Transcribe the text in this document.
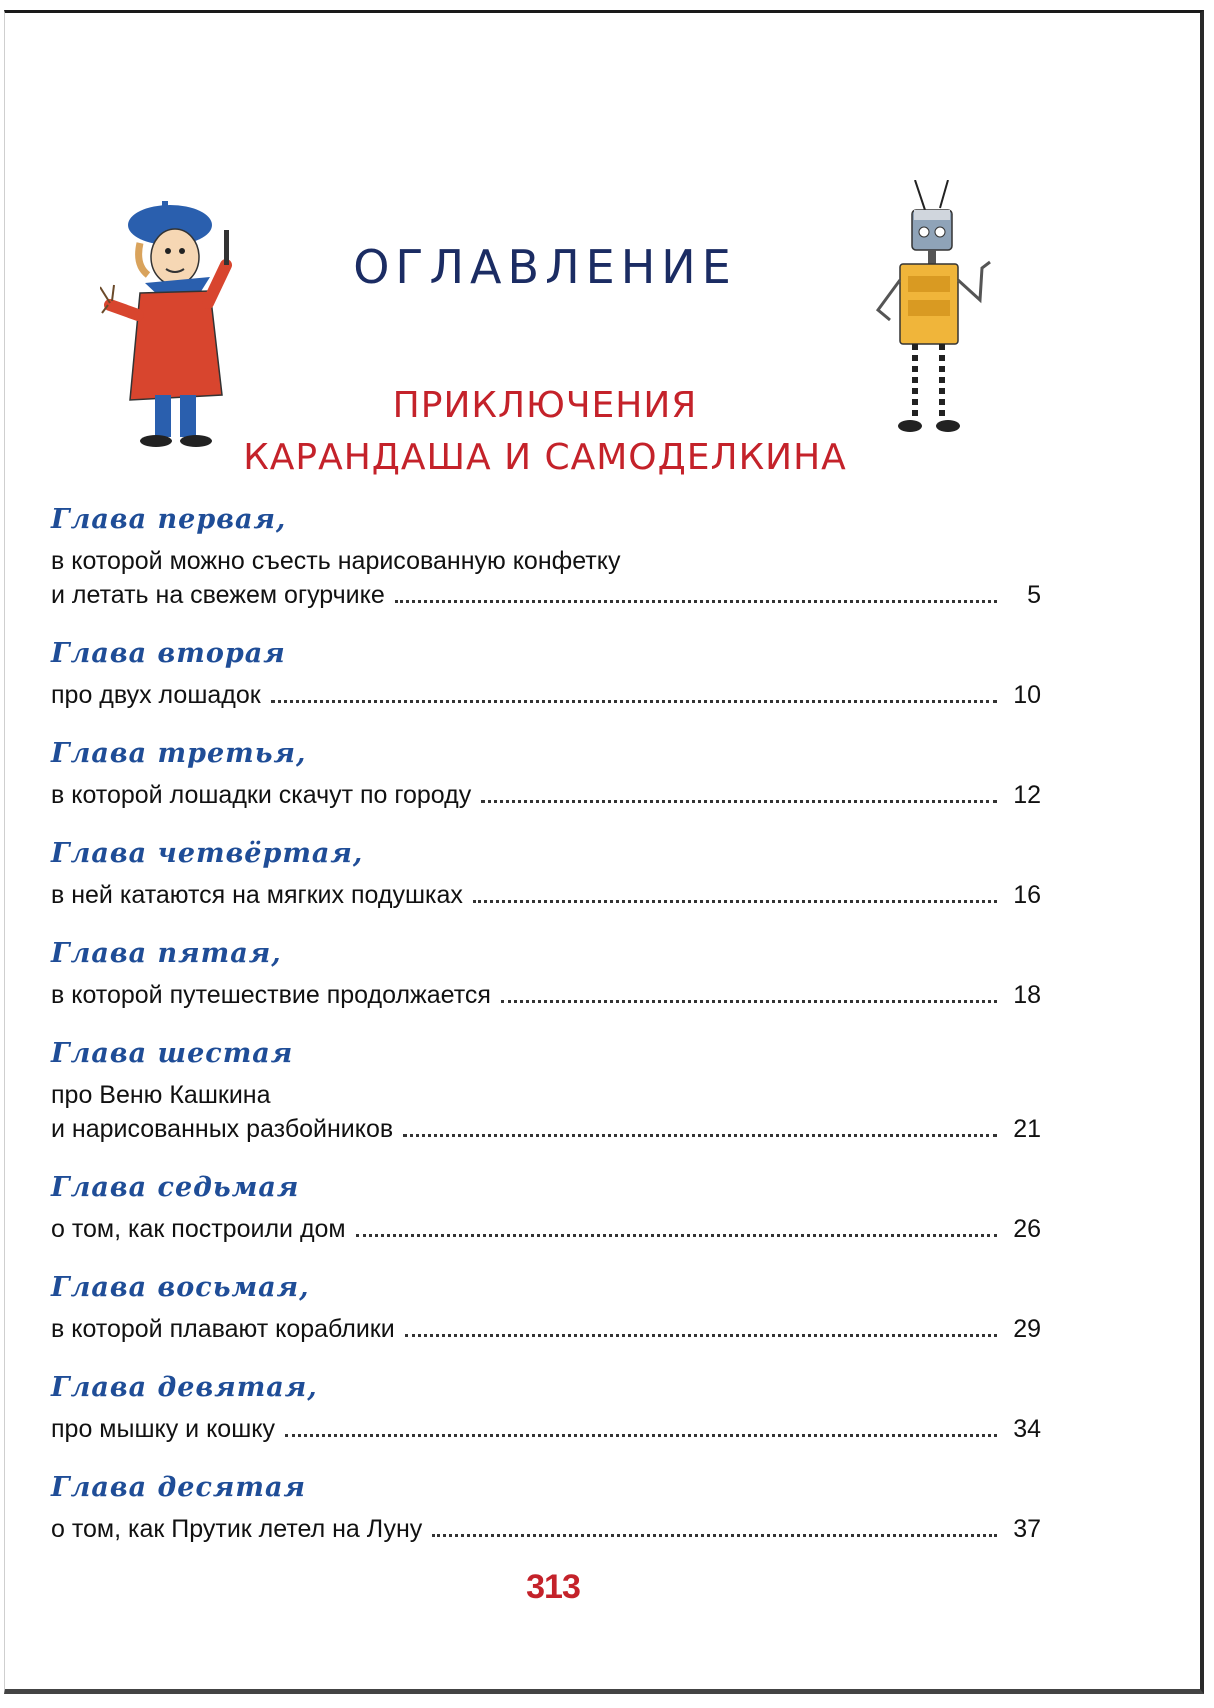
ОГЛАВЛЕНИЕ
ПРИКЛЮЧЕНИЯ
КАРАНДАША И САМОДЕЛКИНА
Глава первая,
в которой можно съесть нарисованную конфетку
и летать на свежем огурчике	5
Глава вторая
про двух лошадок	10
Глава третья,
в которой лошадки скачут по городу	12
Глава четвёртая,
в ней катаются на мягких подушках	16
Глава пятая,
в которой путешествие продолжается	18
Глава шестая
про Веню Кашкина
и нарисованных разбойников	21
Глава седьмая
о том, как построили дом	26
Глава восьмая,
в которой плавают кораблики	29
Глава девятая,
про мышку и кошку	34
Глава десятая
о том, как Прутик летел на Луну	37
313
